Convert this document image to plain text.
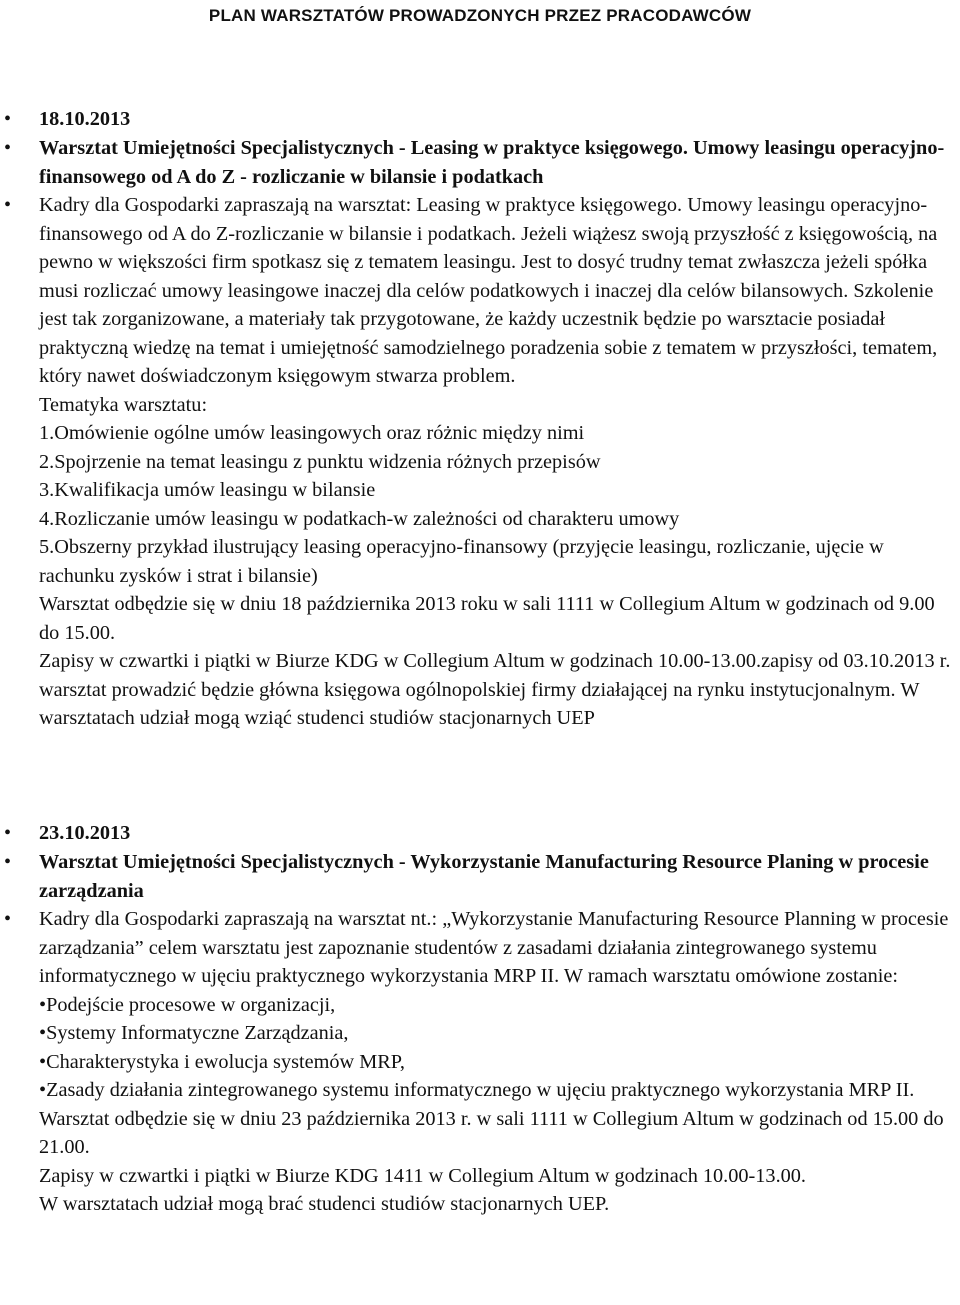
PLAN WARSZTATÓW PROWADZONYCH PRZEZ PRACODAWCÓW
•	18.10.2013
•	Warsztat Umiejętności Specjalistycznych - Leasing w praktyce księgowego. Umowy leasingu operacyjno-finansowego od A do Z - rozliczanie w bilansie i podatkach
•	Kadry dla Gospodarki zapraszają na warsztat: Leasing w praktyce księgowego. Umowy leasingu operacyjno-finansowego od A do Z-rozliczanie w bilansie i podatkach. Jeżeli wiążesz swoją przyszłość z księgowością, na pewno w większości firm spotkasz się z tematem leasingu. Jest to dosyć trudny temat zwłaszcza jeżeli spółka musi rozliczać umowy leasingowe inaczej dla celów podatkowych i inaczej dla celów bilansowych. Szkolenie jest tak zorganizowane, a materiały tak przygotowane, że każdy uczestnik będzie po warsztacie posiadał praktyczną wiedzę na temat i umiejętność samodzielnego poradzenia sobie z tematem w przyszłości, tematem, który nawet doświadczonym księgowym stwarza problem.
Tematyka warsztatu:
1.Omówienie ogólne umów leasingowych oraz różnic między nimi
2.Spojrzenie na temat leasingu z punktu widzenia różnych przepisów
3.Kwalifikacja umów leasingu w bilansie
4.Rozliczanie umów leasingu w podatkach-w zależności od charakteru umowy
5.Obszerny przykład ilustrujący leasing operacyjno-finansowy (przyjęcie leasingu, rozliczanie, ujęcie w rachunku zysków i strat i bilansie)
Warsztat odbędzie się w dniu 18 października 2013 roku w sali 1111 w Collegium Altum w godzinach od 9.00 do 15.00.
Zapisy w czwartki i piątki w Biurze KDG w Collegium Altum w godzinach 10.00-13.00.zapisy od 03.10.2013 r.
warsztat prowadzić będzie główna księgowa ogólnopolskiej firmy działającej na rynku instytucjonalnym. W warsztatach udział mogą wziąć studenci studiów stacjonarnych UEP
•	23.10.2013
•	Warsztat Umiejętności Specjalistycznych - Wykorzystanie Manufacturing Resource Planing w procesie zarządzania
•	Kadry dla Gospodarki zapraszają na warsztat nt.: „Wykorzystanie Manufacturing Resource Planning w procesie zarządzania” celem warsztatu jest zapoznanie studentów z zasadami działania zintegrowanego systemu informatycznego w ujęciu praktycznego wykorzystania MRP II. W ramach warsztatu omówione zostanie:
•Podejście procesowe w organizacji,
•Systemy Informatyczne Zarządzania,
•Charakterystyka i ewolucja systemów MRP,
•Zasady działania zintegrowanego systemu informatycznego w ujęciu praktycznego wykorzystania MRP II.
Warsztat odbędzie się w dniu 23 października 2013 r. w sali 1111 w Collegium Altum w godzinach od 15.00 do 21.00.
Zapisy w czwartki i piątki w Biurze KDG 1411 w Collegium Altum w godzinach 10.00-13.00.
W warsztatach udział mogą brać studenci studiów stacjonarnych UEP.
